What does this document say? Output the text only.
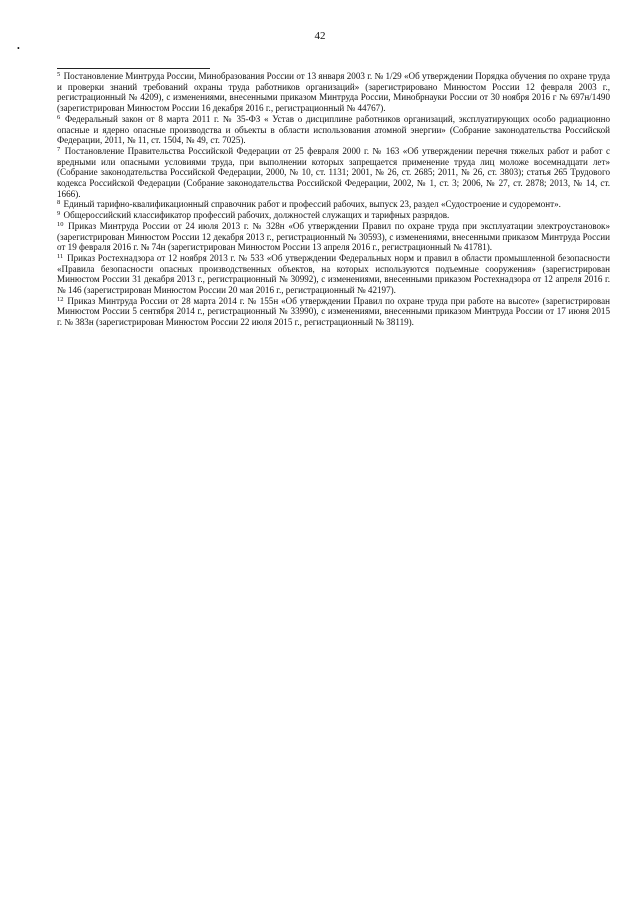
42
•

$^5$ Постановление Минтруда России, Минобразования России от 13 января 2003 г. № 1/29 «Об утверждении Порядка обучения по охране труда и проверки знаний требований охраны труда работников организаций» (зарегистрировано Минюстом России 12 февраля 2003 г., регистрационный № 4209), с изменениями, внесенными приказом Минтруда России, Минобрнауки России от 30 ноября 2016 г № 697н/1490 (зарегистрирован Минюстом России 16 декабря 2016 г., регистрационный № 44767).

$^6$ Федеральный закон от 8 марта 2011 г. № 35-ФЗ « Устав о дисциплине работников организаций, эксплуатирующих особо радиационно опасные и ядерно опасные производства и объекты в области использования атомной энергии» (Собрание законодательства Российской Федерации, 2011, № 11, ст. 1504, № 49, ст. 7025).

$^7$ Постановление Правительства Российской Федерации от 25 февраля 2000 г. № 163 «Об утверждении перечня тяжелых работ и работ с вредными или опасными условиями труда, при выполнении которых запрещается применение труда лиц моложе восемнадцати лет» (Собрание законодательства Российской Федерации, 2000, № 10, ст. 1131; 2001, № 26, ст. 2685; 2011, № 26, ст. 3803); статья 265 Трудового кодекса Российской Федерации (Собрание законодательства Российской Федерации, 2002, № 1, ст. 3; 2006, № 27, ст. 2878; 2013, № 14, ст. 1666).

$^8$ Единый тарифно-квалификационный справочник работ и профессий рабочих, выпуск 23, раздел «Судостроение и судоремонт».

$^9$ Общероссийский классификатор профессий рабочих, должностей служащих и тарифных разрядов.

$^{10}$ Приказ Минтруда России от 24 июля 2013 г. № 328н «Об утверждении Правил по охране труда при эксплуатации электроустановок» (зарегистрирован Минюстом России 12 декабря 2013 г., регистрационный № 30593), с изменениями, внесенными приказом Минтруда России от 19 февраля 2016 г. № 74н (зарегистрирован Минюстом России 13 апреля 2016 г., регистрационный № 41781).

$^{11}$ Приказ Ростехнадзора от 12 ноября 2013 г. № 533 «Об утверждении Федеральных норм и правил в области промышленной безопасности «Правила безопасности опасных производственных объектов, на которых используются подъемные сооружения» (зарегистрирован Минюстом России 31 декабря 2013 г., регистрационный № 30992), с изменениями, внесенными приказом Ростехнадзора от 12 апреля 2016 г. № 146 (зарегистрирован Минюстом России 20 мая 2016 г., регистрационный № 42197).

$^{12}$ Приказ Минтруда России от 28 марта 2014 г. № 155н «Об утверждении Правил по охране труда при работе на высоте» (зарегистрирован Минюстом России 5 сентября 2014 г., регистрационный № 33990), с изменениями, внесенными приказом Минтруда России от 17 июня 2015 г. № 383н (зарегистрирован Минюстом России 22 июля 2015 г., регистрационный № 38119).
